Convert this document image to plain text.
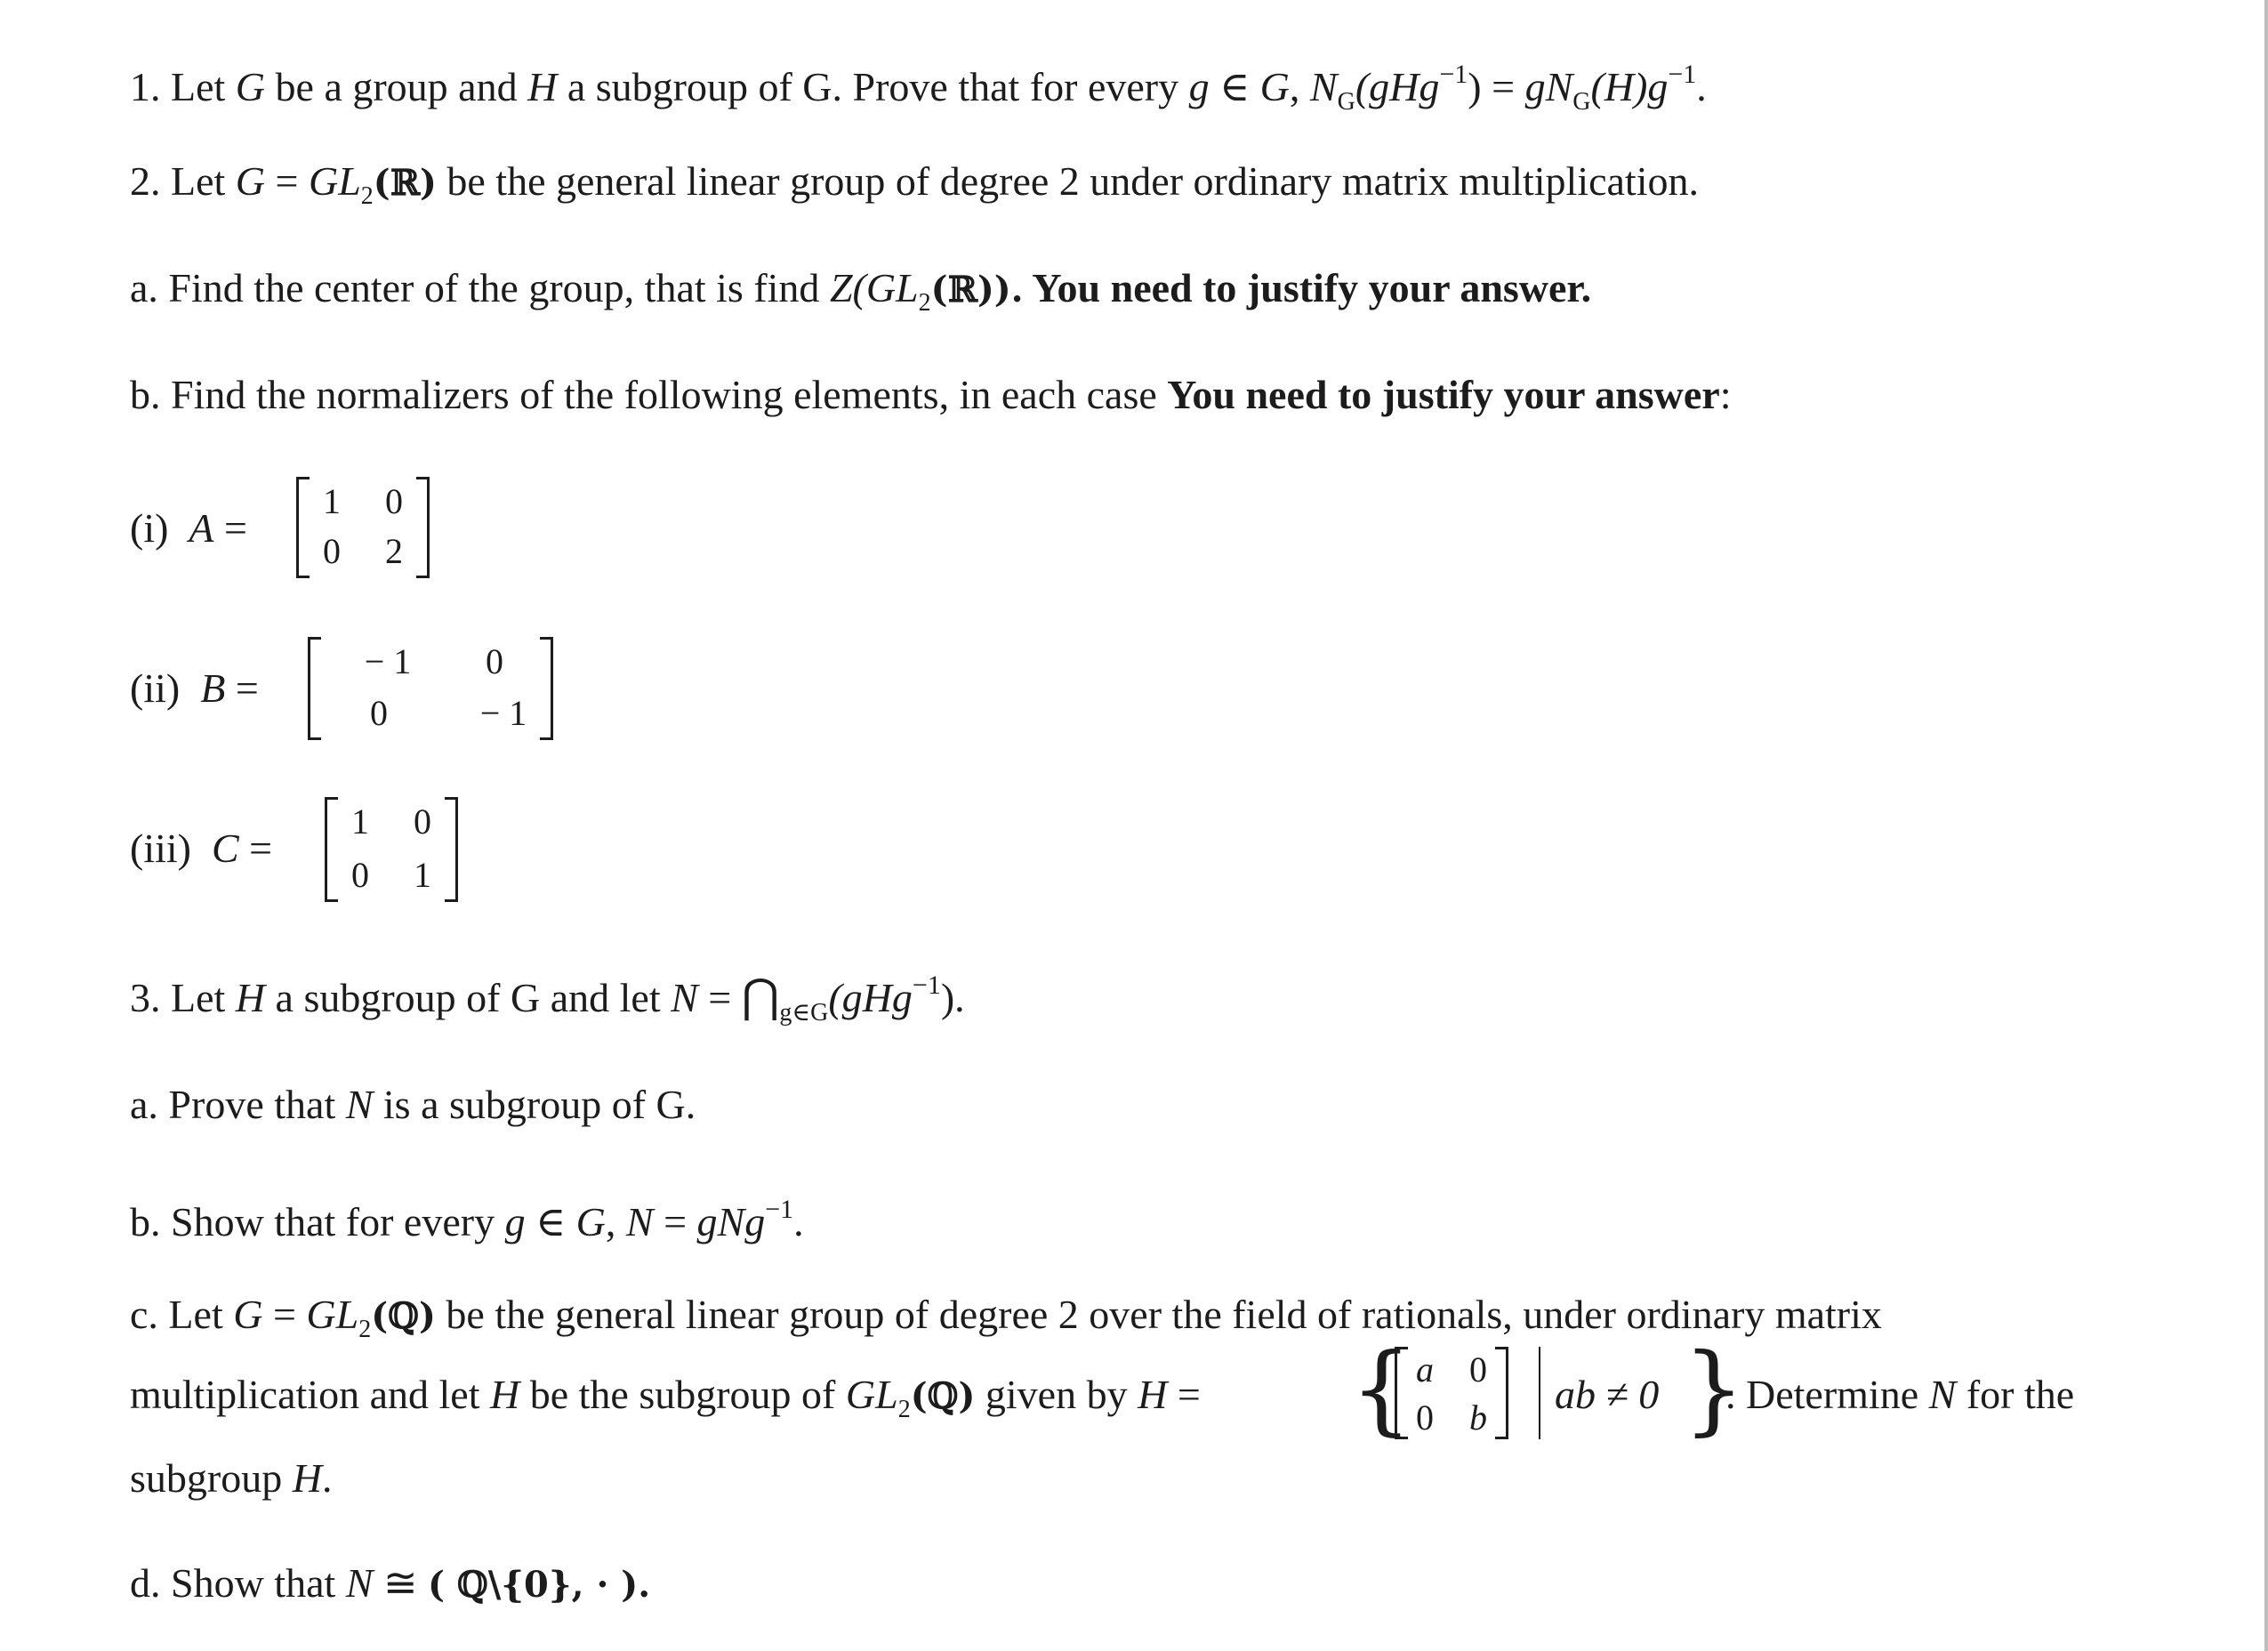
1. Let G be a group and H a subgroup of G. Prove that for every g ∈ G, $N_G(gHg^{-1}) = gN_G(H)g^{-1}$.
2. Let $G = GL_2(ℝ)$ be the general linear group of degree 2 under ordinary matrix multiplication.
a. Find the center of the group, that is find $Z(GL_2(ℝ))$. You need to justify your answer.
b. Find the normalizers of the following elements, in each case You need to justify your answer:
(i) A =
1	0
0	2
(ii) B =
− 1	0
0	− 1
(iii) C =
1	0
0	1
3. Let H a subgroup of G and let $N = ⋂_{g\in G}(gHg^{-1})$.
a. Prove that N is a subgroup of G.
b. Show that for every g ∈ G, N = gNg$^{-1}$.
c. Let $G = GL_2(ℚ)$ be the general linear group of degree 2 over the field of rationals, under ordinary matrix
multiplication and let H be the subgroup of $GL_2(ℚ)$ given by H = { a	0
0	b
ab ≠ 0 }
. Determine N for the
subgroup H.
d. Show that N ≅ ( ℚ\{0}, · ).
